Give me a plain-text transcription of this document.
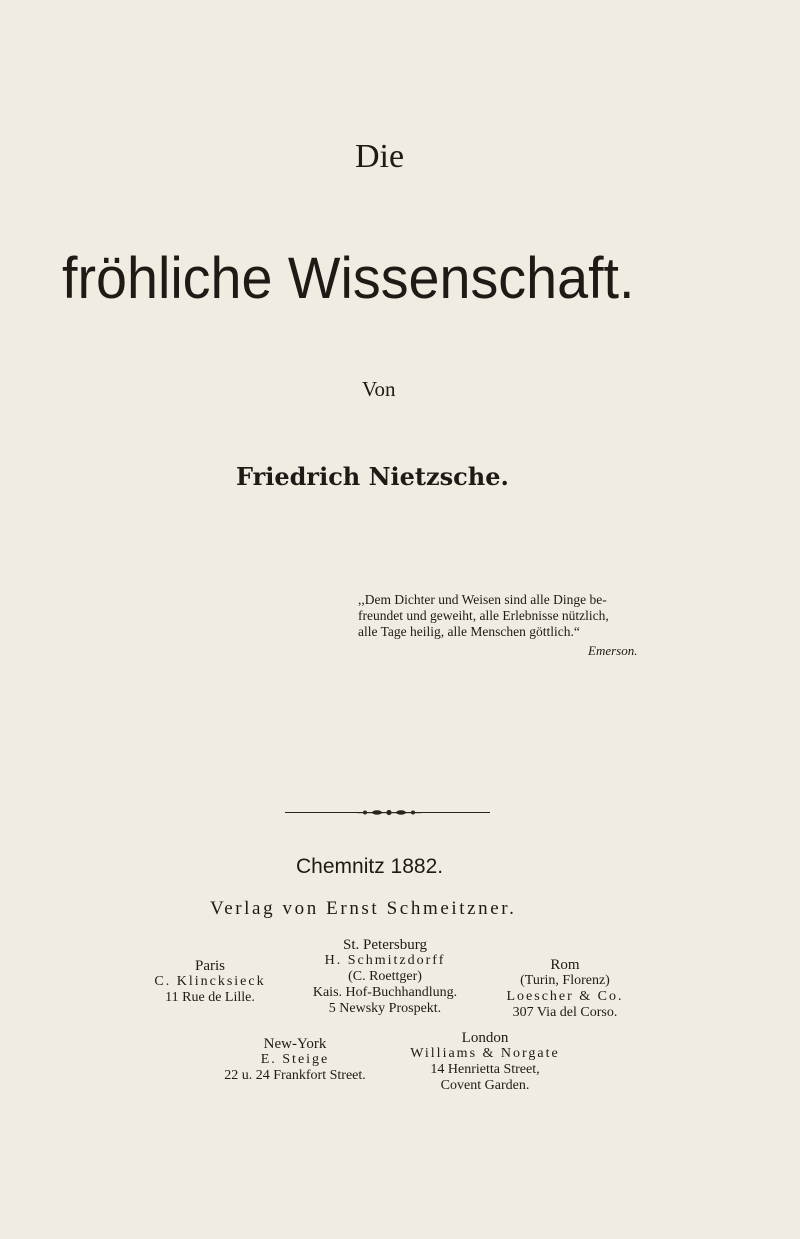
Die
fröhliche Wissenschaft.
Von
Friedrich Nietzsche.
,,Dem Dichter und Weisen sind alle Dinge be-
freundet und geweiht, alle Erlebnisse nützlich,
alle Tage heilig, alle Menschen göttlich.“
Emerson.
Chemnitz 1882.
Verlag von Ernst Schmeitzner.
Paris
C. Klincksieck
11 Rue de Lille.
St. Petersburg
H. Schmitzdorff
(C. Roettger)
Kais. Hof-Buchhandlung.
5 Newsky Prospekt.
Rom
(Turin, Florenz)
Loescher & Co.
307 Via del Corso.
New-York
E. Steige
22 u. 24 Frankfort Street.
London
Williams & Norgate
14 Henrietta Street,
Covent Garden.
